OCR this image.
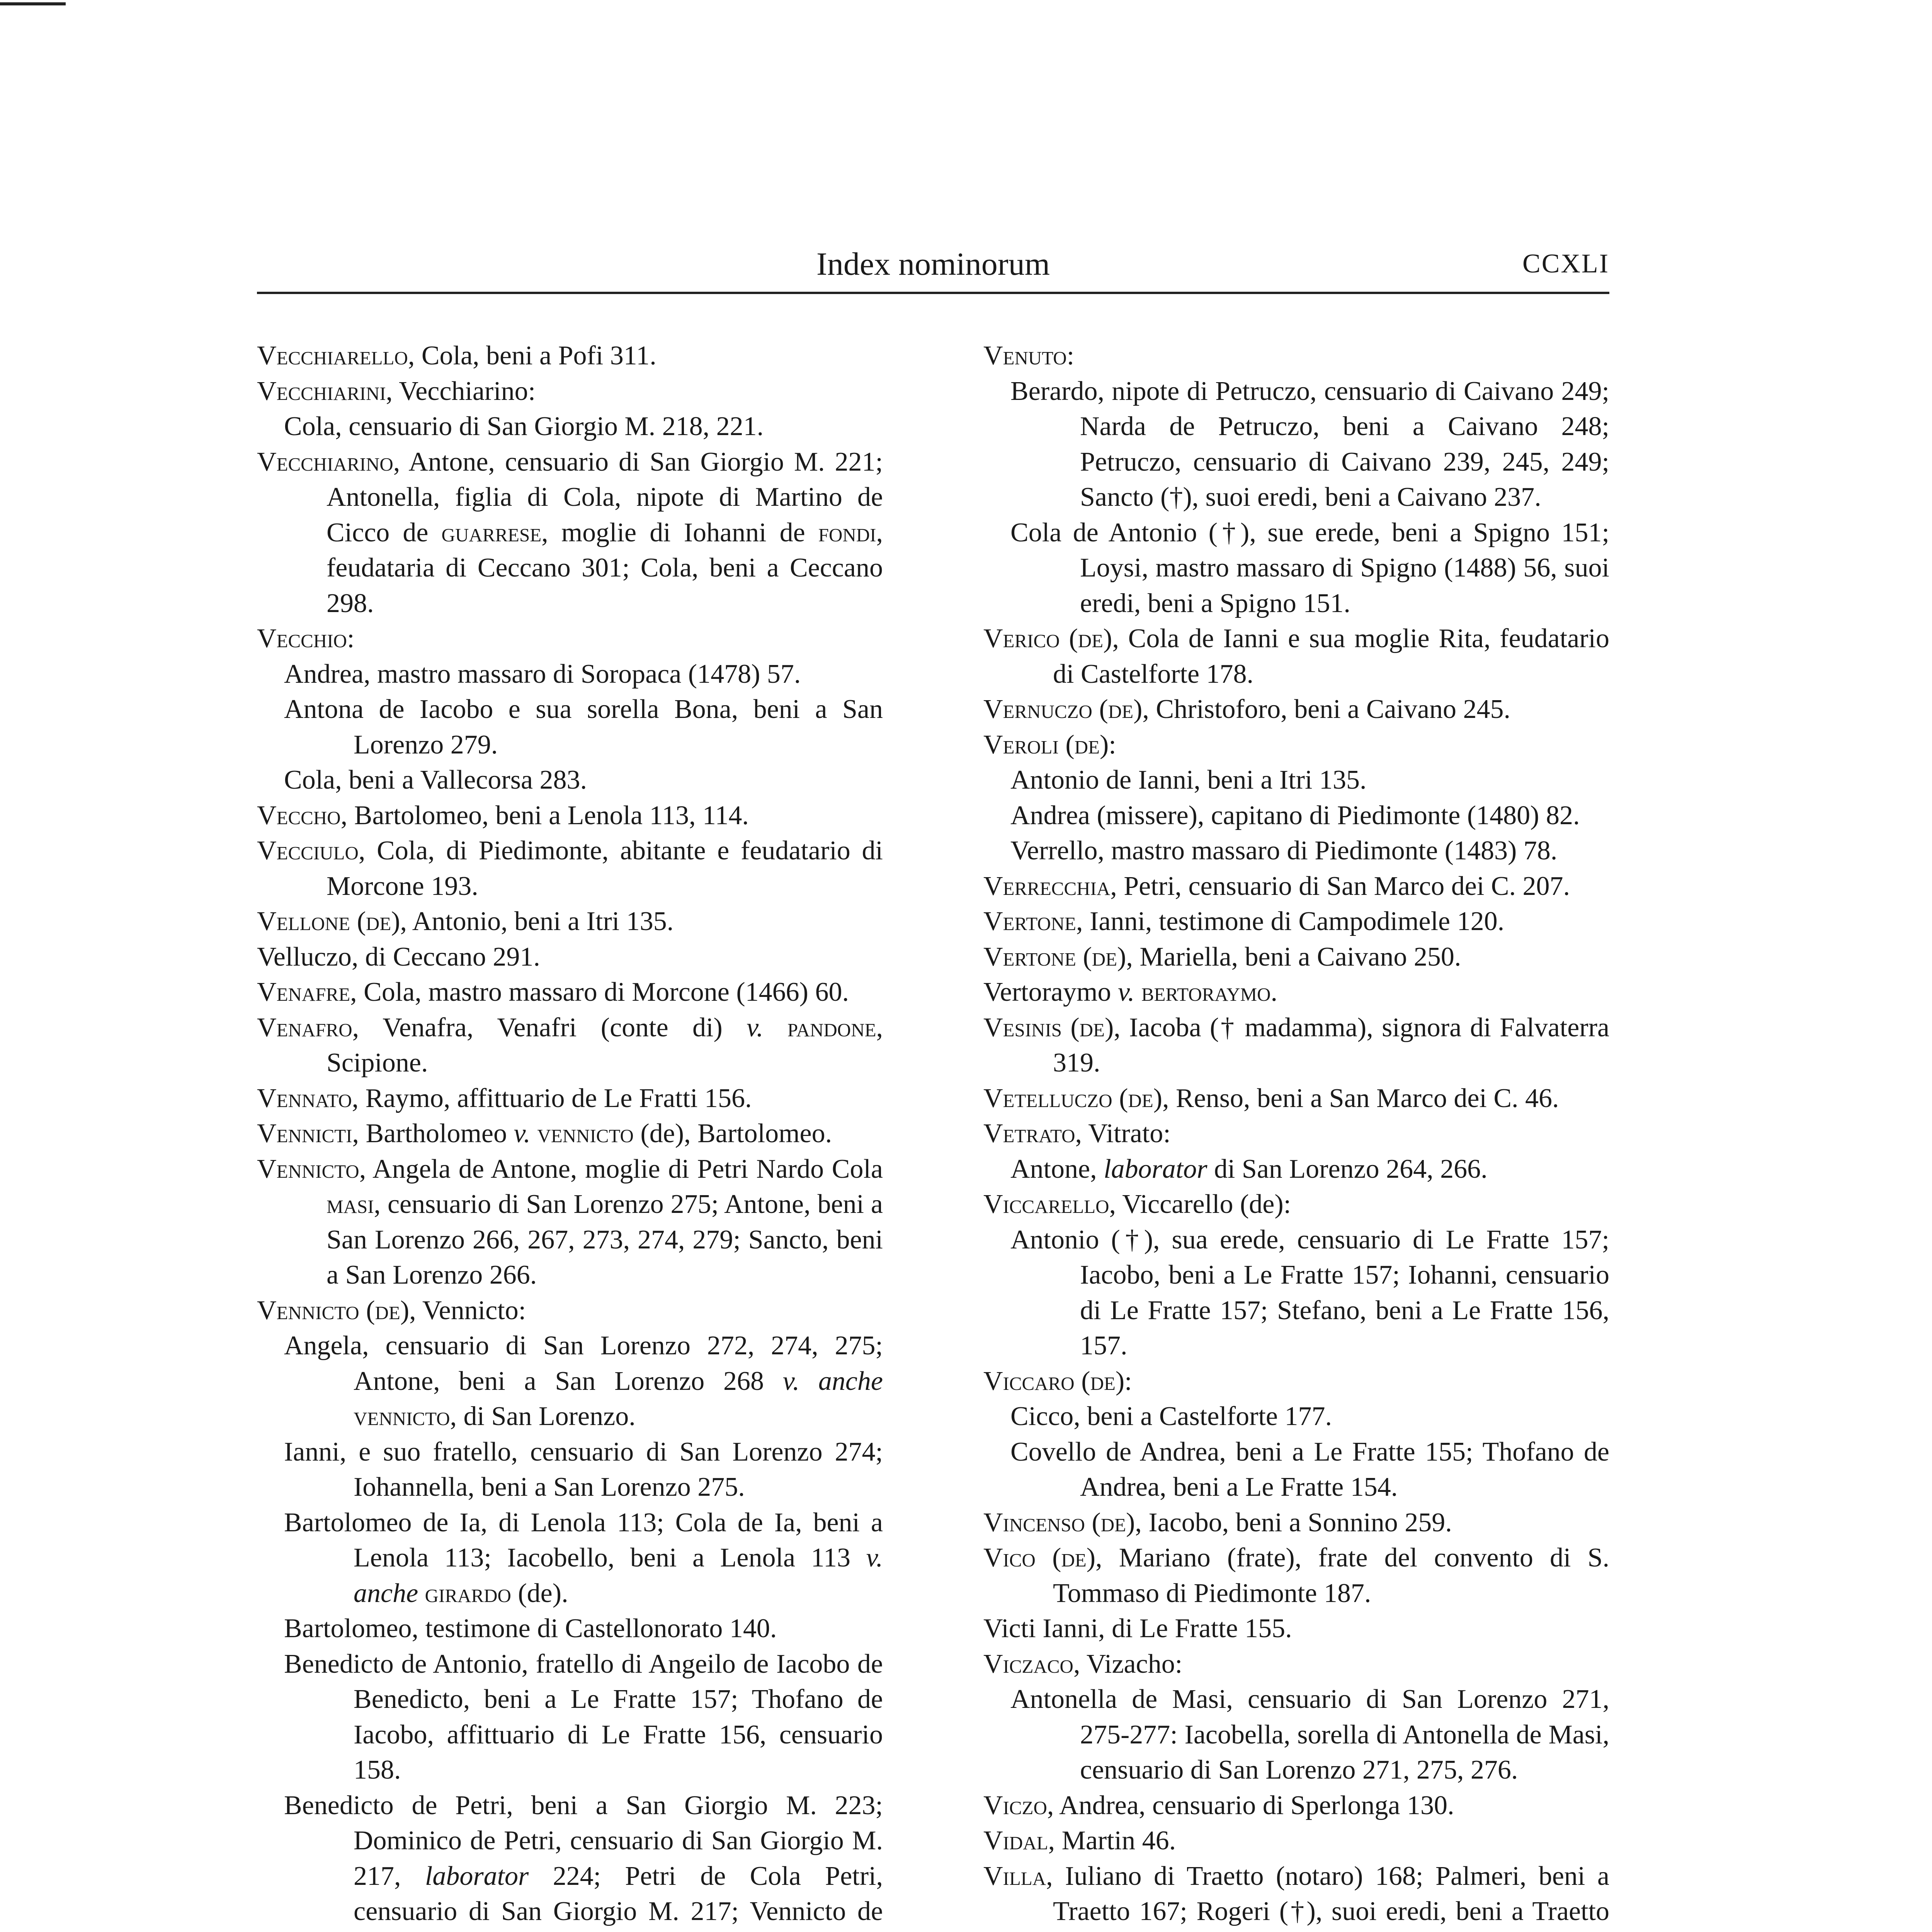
Index nominorum	CCXLI
Vecchiarello, Cola, beni a Pofi 311.
Vecchiarini, Vecchiarino:
Cola, censuario di San Giorgio M. 218, 221.
Vecchiarino, Antone, censuario di San Giorgio M. 221; Antonella, figlia di Cola, nipote di Martino de Cicco de guarrese, moglie di Iohanni de fondi, feudataria di Ceccano 301; Cola, beni a Ceccano 298.
Vecchio:
Andrea, mastro massaro di Soropaca (1478) 57.
Antona de Iacobo e sua sorella Bona, beni a San Lorenzo 279.
Cola, beni a Vallecorsa 283.
Veccho, Bartolomeo, beni a Lenola 113, 114.
Vecciulo, Cola, di Piedimonte, abitante e feudatario di Morcone 193.
Vellone (de), Antonio, beni a Itri 135.
Velluczo, di Ceccano 291.
Venafre, Cola, mastro massaro di Morcone (1466) 60.
Venafro, Venafra, Venafri (conte di) v. pandone, Scipione.
Vennato, Raymo, affittuario de Le Fratti 156.
Vennicti, Bartholomeo v. vennicto (de), Bartolomeo.
Vennicto, Angela de Antone, moglie di Petri Nardo Cola masi, censuario di San Lorenzo 275; Antone, beni a San Lorenzo 266, 267, 273, 274, 279; Sancto, beni a San Lorenzo 266.
Vennicto (de), Vennicto:
Angela, censuario di San Lorenzo 272, 274, 275; Antone, beni a San Lorenzo 268 v. anche vennicto, di San Lorenzo.
Ianni, e suo fratello, censuario di San Lorenzo 274; Iohannella, beni a San Lorenzo 275.
Bartolomeo de Ia, di Lenola 113; Cola de Ia, beni a Lenola 113; Iacobello, beni a Lenola 113 v. anche girardo (de).
Bartolomeo, testimone di Castellonorato 140.
Benedicto de Antonio, fratello di Angeilo de Iacobo de Benedicto, beni a Le Fratte 157; Thofano de Iacobo, affittuario di Le Fratte 156, censuario 158.
Benedicto de Petri, beni a San Giorgio M. 223; Dominico de Petri, censuario di San Giorgio M. 217, laborator 224; Petri de Cola Petri, censuario di San Giorgio M. 217; Vennicto de
Venuto:
Berardo, nipote di Petruczo, censuario di Caivano 249; Narda de Petruczo, beni a Caivano 248; Petruczo, censuario di Caivano 239, 245, 249; Sancto (†), suoi eredi, beni a Caivano 237.
Cola de Antonio (†), sue erede, beni a Spigno 151; Loysi, mastro massaro di Spigno (1488) 56, suoi eredi, beni a Spigno 151.
Verico (de), Cola de Ianni e sua moglie Rita, feudatario di Castelforte 178.
Vernuczo (de), Christoforo, beni a Caivano 245.
Veroli (de):
Antonio de Ianni, beni a Itri 135.
Andrea (missere), capitano di Piedimonte (1480) 82.
Verrello, mastro massaro di Piedimonte (1483) 78.
Verrecchia, Petri, censuario di San Marco dei C. 207.
Vertone, Ianni, testimone di Campodimele 120.
Vertone (de), Mariella, beni a Caivano 250.
Vertoraymo v. bertoraymo.
Vesinis (de), Iacoba († madamma), signora di Falvaterra 319.
Vetelluczo (de), Renso, beni a San Marco dei C. 46.
Vetrato, Vitrato:
Antone, laborator di San Lorenzo 264, 266.
Viccarello, Viccarello (de):
Antonio (†), sua erede, censuario di Le Fratte 157; Iacobo, beni a Le Fratte 157; Iohanni, censuario di Le Fratte 157; Stefano, beni a Le Fratte 156, 157.
Viccaro (de):
Cicco, beni a Castelforte 177.
Covello de Andrea, beni a Le Fratte 155; Thofano de Andrea, beni a Le Fratte 154.
Vincenso (de), Iacobo, beni a Sonnino 259.
Vico (de), Mariano (frate), frate del convento di S. Tommaso di Piedimonte 187.
Victi Ianni, di Le Fratte 155.
Viczaco, Vizacho:
Antonella de Masi, censuario di San Lorenzo 271, 275-277: Iacobella, sorella di Antonella de Masi, censuario di San Lorenzo 271, 275, 276.
Viczo, Andrea, censuario di Sperlonga 130.
Vidal, Martin 46.
Villa, Iuliano di Traetto (notaro) 168; Palmeri, beni a Traetto 167; Rogeri (†), suoi eredi, beni a Traetto
